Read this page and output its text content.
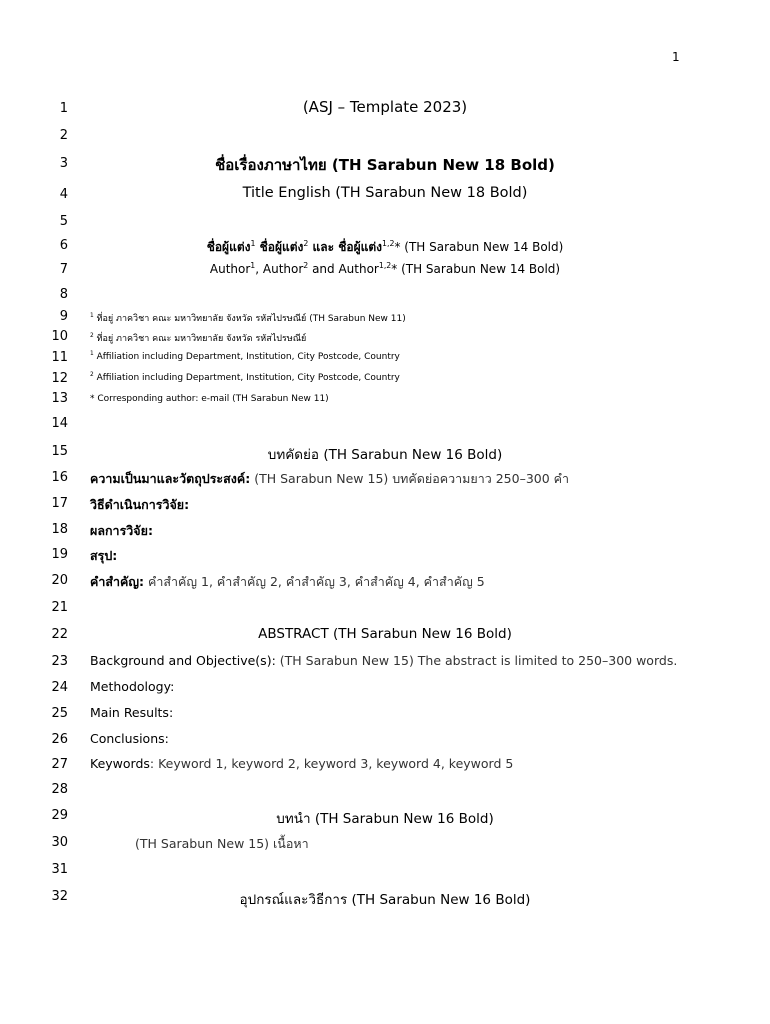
1
1
2
3
4
5
6
7
8
9
10
11
12
13
14
15
16
17
18
19
20
21
22
23
24
25
26
27
28
29
30
31
32
(ASJ – Template 2023)
ชื่อเรื่องภาษาไทย (TH Sarabun New 18 Bold)
Title English (TH Sarabun New 18 Bold)
ชื่อผู้แต่ง$^1$ ชื่อผู้แต่ง$^2$ และ ชื่อผู้แต่ง$^{1,2}$* (TH Sarabun New 14 Bold)
Author$^1$, Author$^2$ and Author$^{1,2}$* (TH Sarabun New 14 Bold)
$^1$ ที่อยู่ ภาควิชา คณะ มหาวิทยาลัย จังหวัด รหัสไปรษณีย์ (TH Sarabun New 11)
$^2$ ที่อยู่ ภาควิชา คณะ มหาวิทยาลัย จังหวัด รหัสไปรษณีย์
$^1$ Affiliation including Department, Institution, City Postcode, Country
$^2$ Affiliation including Department, Institution, City Postcode, Country
* Corresponding author: e-mail (TH Sarabun New 11)
บทคัดย่อ (TH Sarabun New 16 Bold)
ความเป็นมาและวัตถุประสงค์: (TH Sarabun New 15) บทคัดย่อความยาว 250–300 คำ
วิธีดำเนินการวิจัย:
ผลการวิจัย:
สรุป:
คำสำคัญ: คำสำคัญ 1, คำสำคัญ 2, คำสำคัญ 3, คำสำคัญ 4, คำสำคัญ 5
ABSTRACT (TH Sarabun New 16 Bold)
Background and Objective(s): (TH Sarabun New 15) The abstract is limited to 250–300 words.
Methodology:
Main Results:
Conclusions:
Keywords: Keyword 1, keyword 2, keyword 3, keyword 4, keyword 5
บทนำ (TH Sarabun New 16 Bold)
(TH Sarabun New 15) เนื้อหา
อุปกรณ์และวิธีการ (TH Sarabun New 16 Bold)
